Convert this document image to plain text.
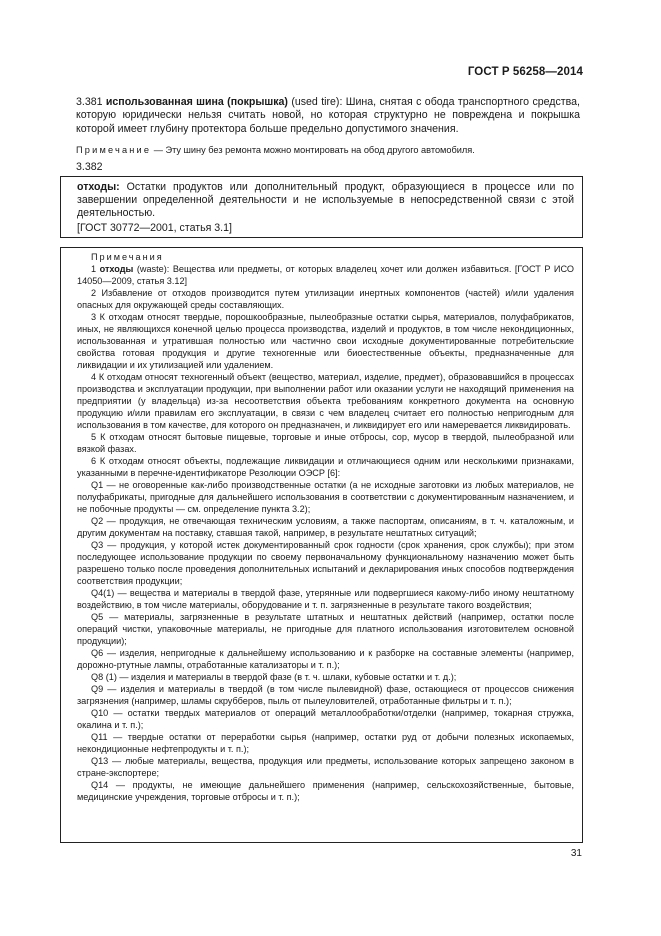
ГОСТ Р 56258—2014
3.381 использованная шина (покрышка) (used tire): Шина, снятая с обода транспортного средства, которую юридически нельзя считать новой, но которая структурно не повреждена и покрышка которой имеет глубину протектора больше предельно допустимого значения.
Примечание — Эту шину без ремонта можно монтировать на обод другого автомобиля.
3.382
отходы: Остатки продуктов или дополнительный продукт, образующиеся в процессе или по завершении определенной деятельности и не используемые в непосредственной связи с этой деятельностью.
[ГОСТ 30772—2001, статья 3.1]

Примечания

1 отходы (waste): Вещества или предметы, от которых владелец хочет или должен избавиться. [ГОСТ Р ИСО 14050—2009, статья 3.12]

2 Избавление от отходов производится путем утилизации инертных компонентов (частей) и/или удаления опасных для окружающей среды составляющих.

3 К отходам относят твердые, порошкообразные, пылеобразные остатки сырья, материалов, полуфабрикатов, иных, не являющихся конечной целью процесса производства, изделий и продуктов, в том числе некондиционных, использованная и утратившая полностью или частично свои исходные документированные потребительские свойства готовая продукция и другие техногенные или биоестественные объекты, предназначенные для ликвидации и их утилизацией или удалением.

4 К отходам относят техногенный объект (вещество, материал, изделие, предмет), образовавшийся в процессах производства и эксплуатации продукции, при выполнении работ или оказании услуги не находящий применения на предприятии (у владельца) из-за несоответствия объекта требованиям конкретного документа на основную продукцию и/или правилам его эксплуатации, в связи с чем владелец считает его полностью непригодным для использования в том качестве, для которого он предназначен, и ликвидирует его или намеревается ликвидировать.

5 К отходам относят бытовые пищевые, торговые и иные отбросы, сор, мусор в твердой, пылеобразной или вязкой фазах.

6 К отходам относят объекты, подлежащие ликвидации и отличающиеся одним или несколькими признаками, указанными в перечне-идентификаторе Резолюции ОЭСР [6]:

Q1 — не оговоренные как-либо производственные остатки (а не исходные заготовки из любых материалов, не полуфабрикаты, пригодные для дальнейшего использования в соответствии с документированным назначением, и не побочные продукты — см. определение пункта 3.2);

Q2 — продукция, не отвечающая техническим условиям, а также паспортам, описаниям, в т. ч. каталожным, и другим документам на поставку, ставшая такой, например, в результате нештатных ситуаций;

Q3 — продукция, у которой истек документированный срок годности (срок хранения, срок службы); при этом последующее использование продукции по своему первоначальному функциональному назначению может быть разрешено только после проведения дополнительных испытаний и декларирования иных способов подтверждения соответствия продукции;

Q4(1) — вещества и материалы в твердой фазе, утерянные или подвергшиеся какому-либо иному нештатному воздействию, в том числе материалы, оборудование и т. п. загрязненные в результате такого воздействия;

Q5 — материалы, загрязненные в результате штатных и нештатных действий (например, остатки после операций чистки, упаковочные материалы, не пригодные для платного использования изготовителем основной продукции);

Q6 — изделия, непригодные к дальнейшему использованию и к разборке на составные элементы (например, дорожно-ртутные лампы, отработанные катализаторы и т. п.);

Q8 (1) — изделия и материалы в твердой фазе (в т. ч. шлаки, кубовые остатки и т. д.);

Q9 — изделия и материалы в твердой (в том числе пылевидной) фазе, остающиеся от процессов снижения загрязнения (например, шламы скрубберов, пыль от пылеуловителей, отработанные фильтры и т. п.);

Q10 — остатки твердых материалов от операций металлообработки/отделки (например, токарная стружка, окалина и т. п.);

Q11 — твердые остатки от переработки сырья (например, остатки руд от добычи полезных ископаемых, некондиционные нефтепродукты и т. п.);

Q13 — любые материалы, вещества, продукция или предметы, использование которых запрещено законом в стране-экспортере;

Q14 — продукты, не имеющие дальнейшего применения (например, сельскохозяйственные, бытовые, медицинские учреждения, торговые отбросы и т. п.);

31
